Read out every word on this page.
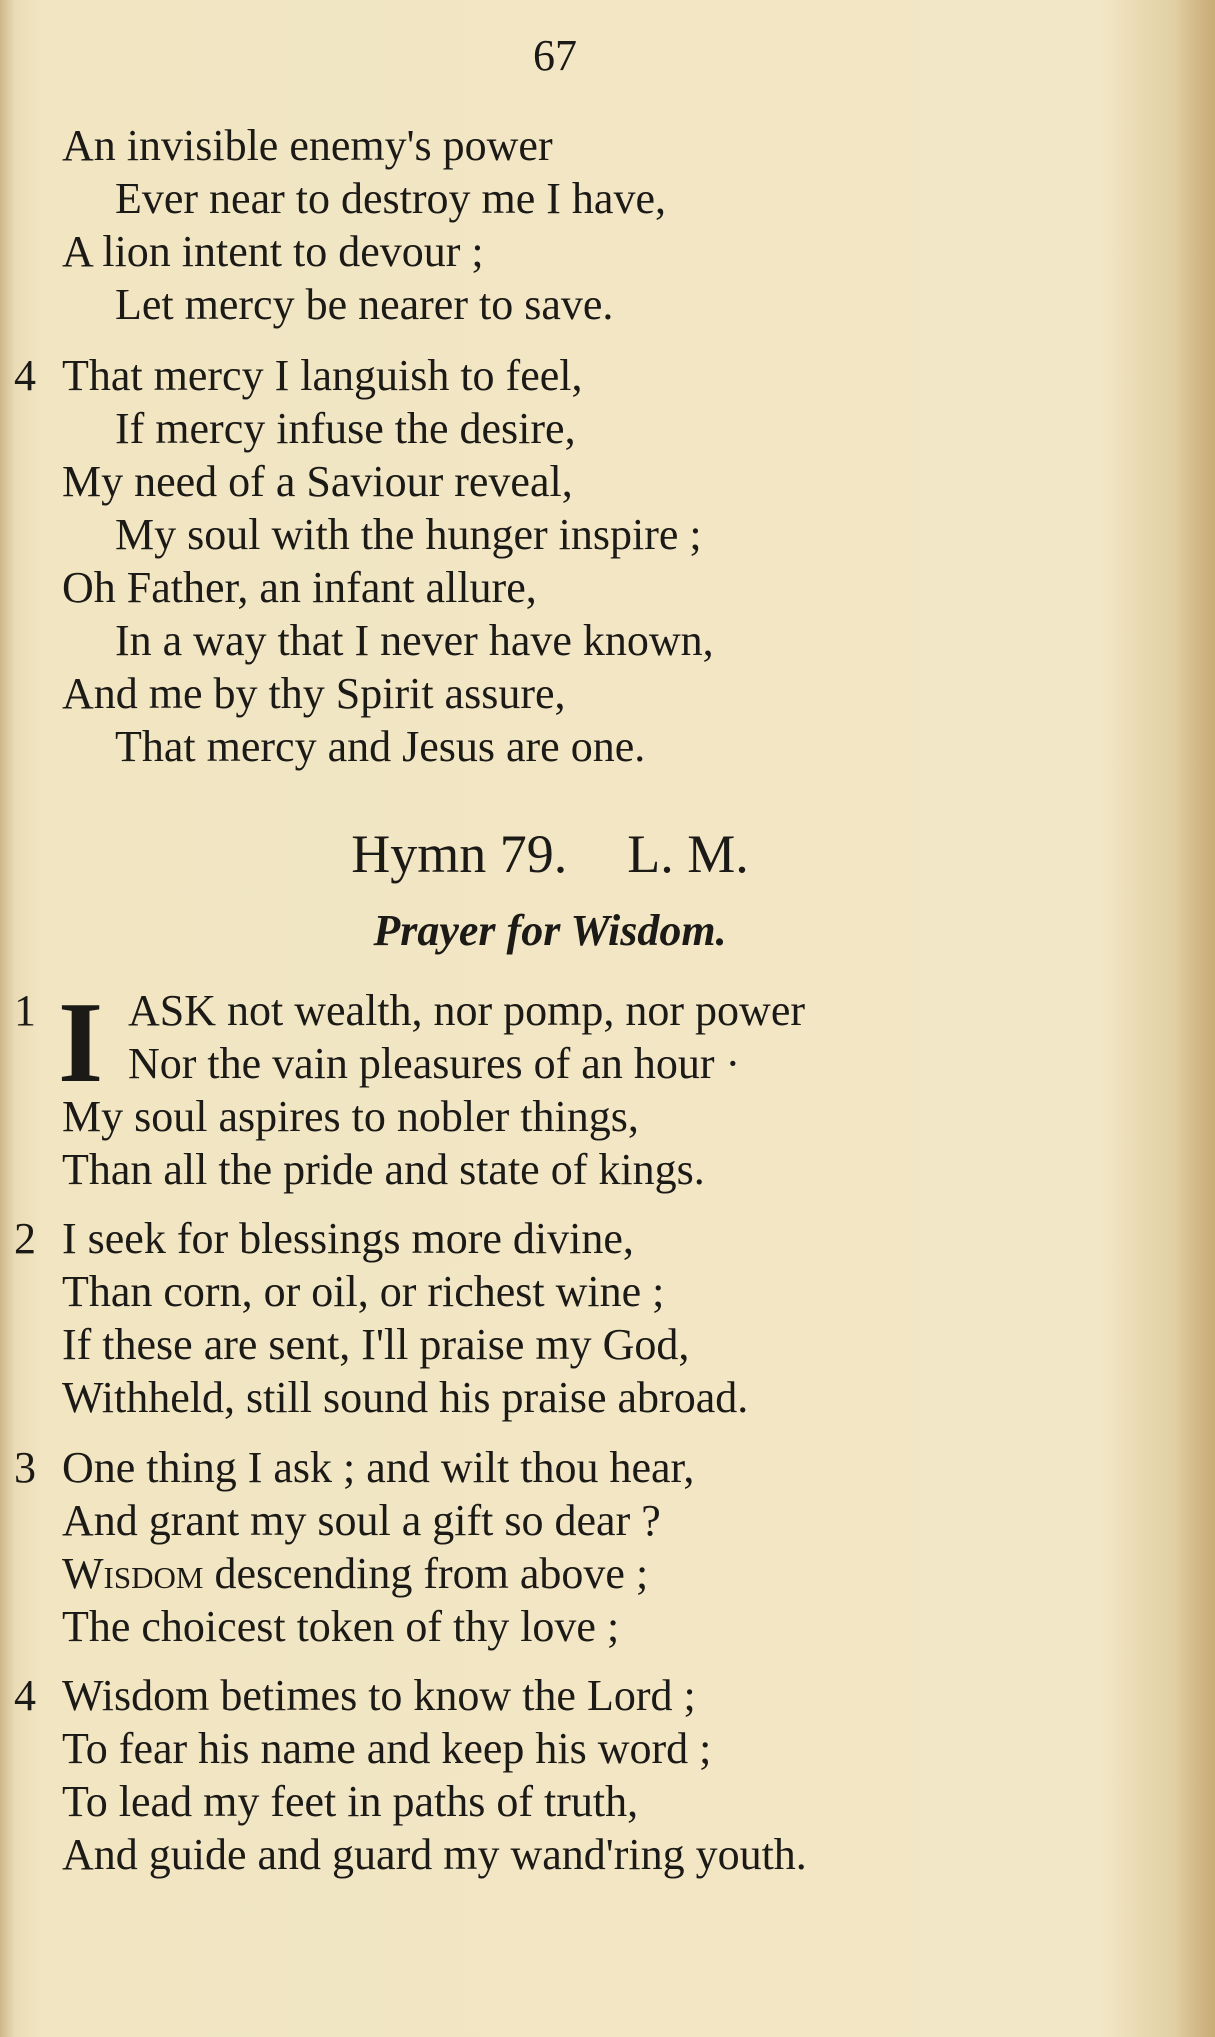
67
An invisible enemy's power
Ever near to destroy me I have,
A lion intent to devour ;
Let mercy be nearer to save.
4 That mercy I languish to feel,
If mercy infuse the desire,
My need of a Saviour reveal,
My soul with the hunger inspire ;
Oh Father, an infant allure,
In a way that I never have known,
And me by thy Spirit assure,
That mercy and Jesus are one.
Hymn 79. L. M.
Prayer for Wisdom.
1 I ASK not wealth, nor pomp, nor power
Nor the vain pleasures of an hour ·
My soul aspires to nobler things,
Than all the pride and state of kings.
2 I seek for blessings more divine,
Than corn, or oil, or richest wine ;
If these are sent, I'll praise my God,
Withheld, still sound his praise abroad.
3 One thing I ask ; and wilt thou hear,
And grant my soul a gift so dear ?
Wisdom descending from above ;
The choicest token of thy love ;
4 Wisdom betimes to know the Lord ;
To fear his name and keep his word ;
To lead my feet in paths of truth,
And guide and guard my wand'ring youth.
